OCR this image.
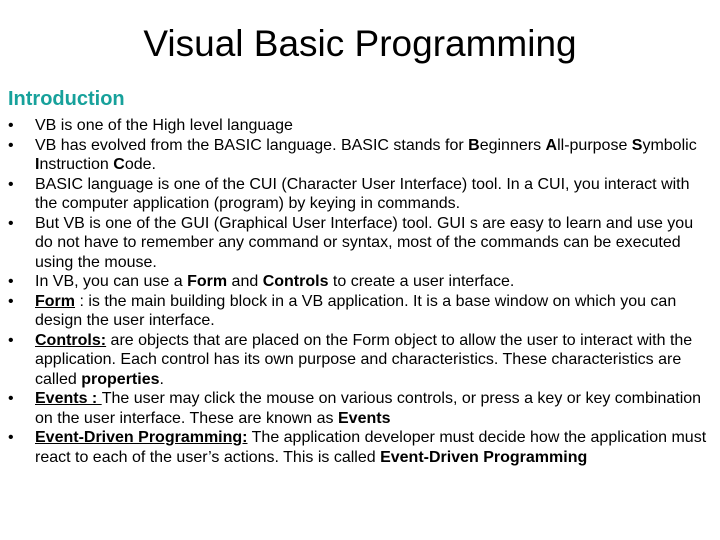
Visual Basic Programming
Introduction
•	VB is one of the High level language
•	VB has evolved from the BASIC language. BASIC stands for Beginners All-purpose Symbolic Instruction Code.
•	BASIC language is one of the CUI (Character User Interface) tool. In a CUI, you interact with the computer application (program) by keying in commands.
•	But VB is one of the GUI (Graphical User Interface) tool. GUI s are easy to learn and use you do not have to remember any command or syntax, most of the commands can be executed using the mouse.
•	In VB, you can use a Form and Controls to create a user interface.
•	Form : is the main building block in a VB application. It is a base window on which you can design the user interface.
•	Controls: are objects that are placed on the Form object to allow the user to interact with the application. Each control has its own purpose and characteristics. These characteristics are called properties.
•	Events : The user may click the mouse on various controls, or press a key or key combination on the user interface. These are known as Events
•	Event-Driven Programming: The application developer must decide how the application must react to each of the user’s actions. This is called Event-Driven Programming
